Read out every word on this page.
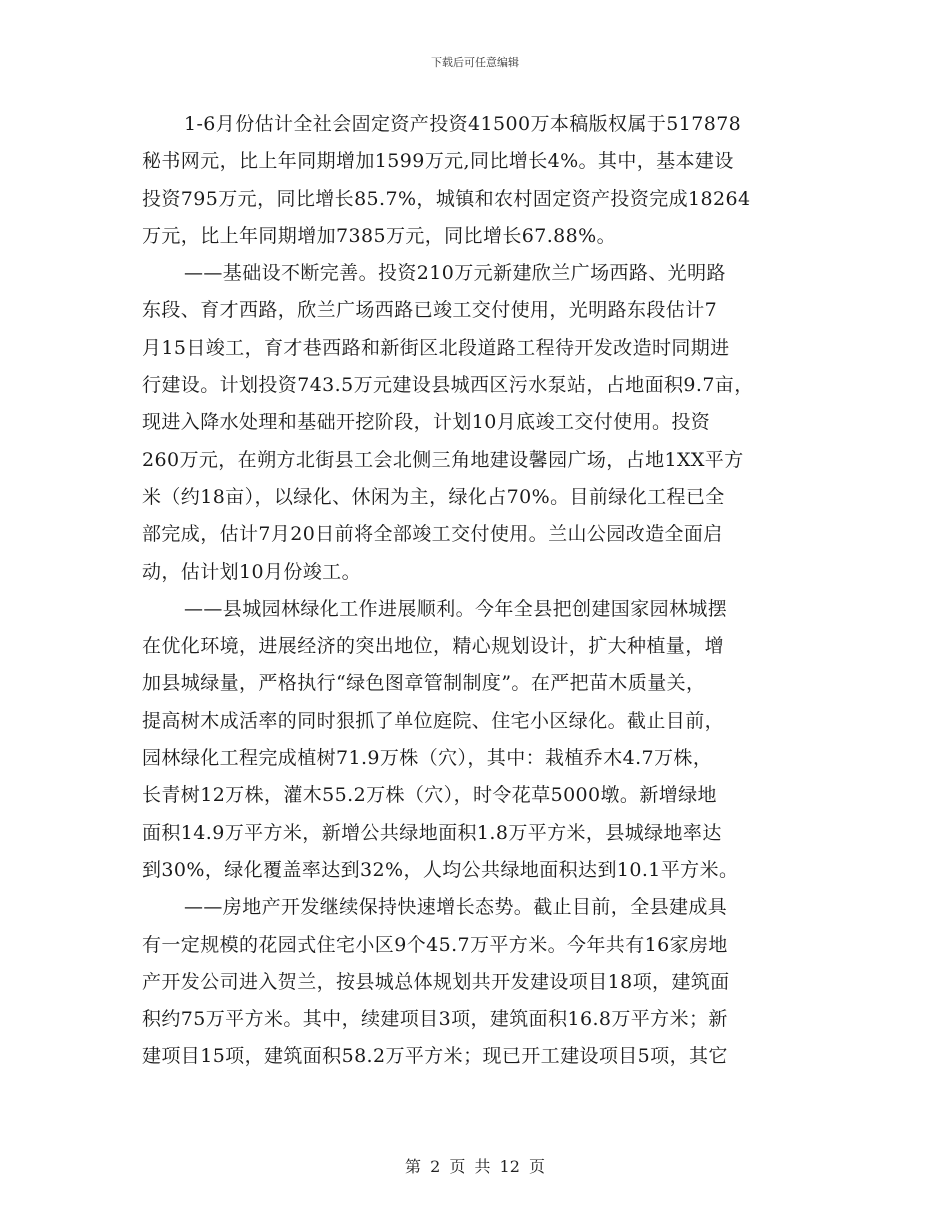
下载后可任意编辑
1-6月份估计全社会固定资产投资41500万本稿版权属于517878
秘书网元，比上年同期增加1599万元,同比增长4%。其中，基本建设
投资795万元，同比增长85.7%，城镇和农村固定资产投资完成18264
万元，比上年同期增加7385万元，同比增长67.88%。
——基础设不断完善。投资210万元新建欣兰广场西路、光明路
东段、育才西路，欣兰广场西路已竣工交付使用，光明路东段估计7
月15日竣工，育才巷西路和新街区北段道路工程待开发改造时同期进
行建设。计划投资743.5万元建设县城西区污水泵站，占地面积9.7亩，
现进入降水处理和基础开挖阶段，计划10月底竣工交付使用。投资
260万元，在朔方北街县工会北侧三角地建设馨园广场，占地1XX平方
米（约18亩），以绿化、休闲为主，绿化占70%。目前绿化工程已全
部完成，估计7月20日前将全部竣工交付使用。兰山公园改造全面启
动，估计划10月份竣工。
——县城园林绿化工作进展顺利。今年全县把创建国家园林城摆
在优化环境，进展经济的突出地位，精心规划设计，扩大种植量，增
加县城绿量，严格执行“绿色图章管制制度”。在严把苗木质量关，
提高树木成活率的同时狠抓了单位庭院、住宅小区绿化。截止目前，
园林绿化工程完成植树71.9万株（穴），其中：栽植乔木4.7万株，
长青树12万株，灌木55.2万株（穴），时令花草5000墩。新增绿地
面积14.9万平方米，新增公共绿地面积1.8万平方米，县城绿地率达
到30%，绿化覆盖率达到32%，人均公共绿地面积达到10.1平方米。
——房地产开发继续保持快速增长态势。截止目前，全县建成具
有一定规模的花园式住宅小区9个45.7万平方米。今年共有16家房地
产开发公司进入贺兰，按县城总体规划共开发建设项目18项，建筑面
积约75万平方米。其中，续建项目3项，建筑面积16.8万平方米；新
建项目15项，建筑面积58.2万平方米；现已开工建设项目5项，其它
第 2 页 共 12 页
